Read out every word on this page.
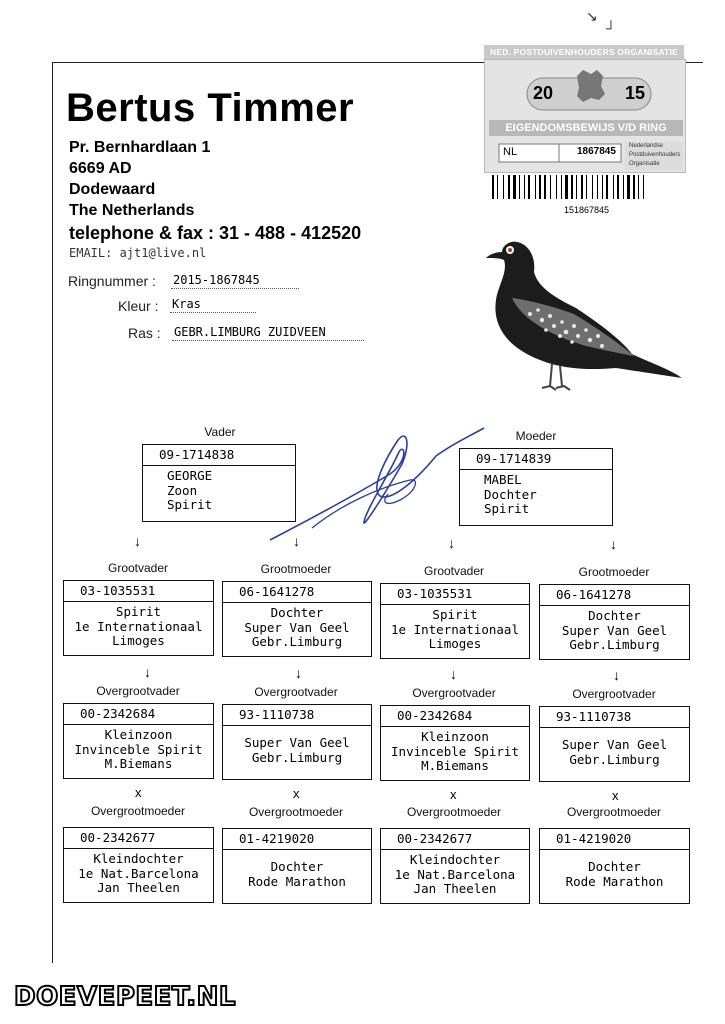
↘
┘
Bertus Timmer
Pr. Bernhardlaan 1
6669 AD
Dodewaard
The Netherlands
telephone & fax : 31 - 488 - 412520
EMAIL: ajt1@live.nl
Ringnummer : 2015-1867845
Kleur : Kras
Ras : GEBR.LIMBURG ZUIDVEEN
NED. POSTDUIVENHOUDERS ORGANISATIE
20	15
EIGENDOMSBEWIJS V/D RING
NL	1867845 Nederlandse
Postduivenhouders
Organisatie
151867845
Vader
09-1714838
GEORGE
Zoon
Spirit
Moeder
09-1714839
MABEL
Dochter
Spirit
↓	↓	↓	↓
Grootvader	Grootmoeder	Grootvader	Grootmoeder
03-1035531
Spirit
1e Internationaal
Limoges
06-1641278
Dochter
Super Van Geel
Gebr.Limburg
03-1035531
Spirit
1e Internationaal
Limoges
06-1641278
Dochter
Super Van Geel
Gebr.Limburg
↓	↓	↓	↓
Overgrootvader	Overgrootvader	Overgrootvader	Overgrootvader
00-2342684
Kleinzoon
Invinceble Spirit
M.Biemans
93-1110738
Super Van Geel
Gebr.Limburg
00-2342684
Kleinzoon
Invinceble Spirit
M.Biemans
93-1110738
Super Van Geel
Gebr.Limburg
x	x	x	x
Overgrootmoeder	Overgrootmoeder	Overgrootmoeder	Overgrootmoeder
00-2342677
Kleindochter
1e Nat.Barcelona
Jan Theelen
01-4219020
Dochter
Rode Marathon
00-2342677
Kleindochter
1e Nat.Barcelona
Jan Theelen
01-4219020
Dochter
Rode Marathon
DOEVEPEET.NL
